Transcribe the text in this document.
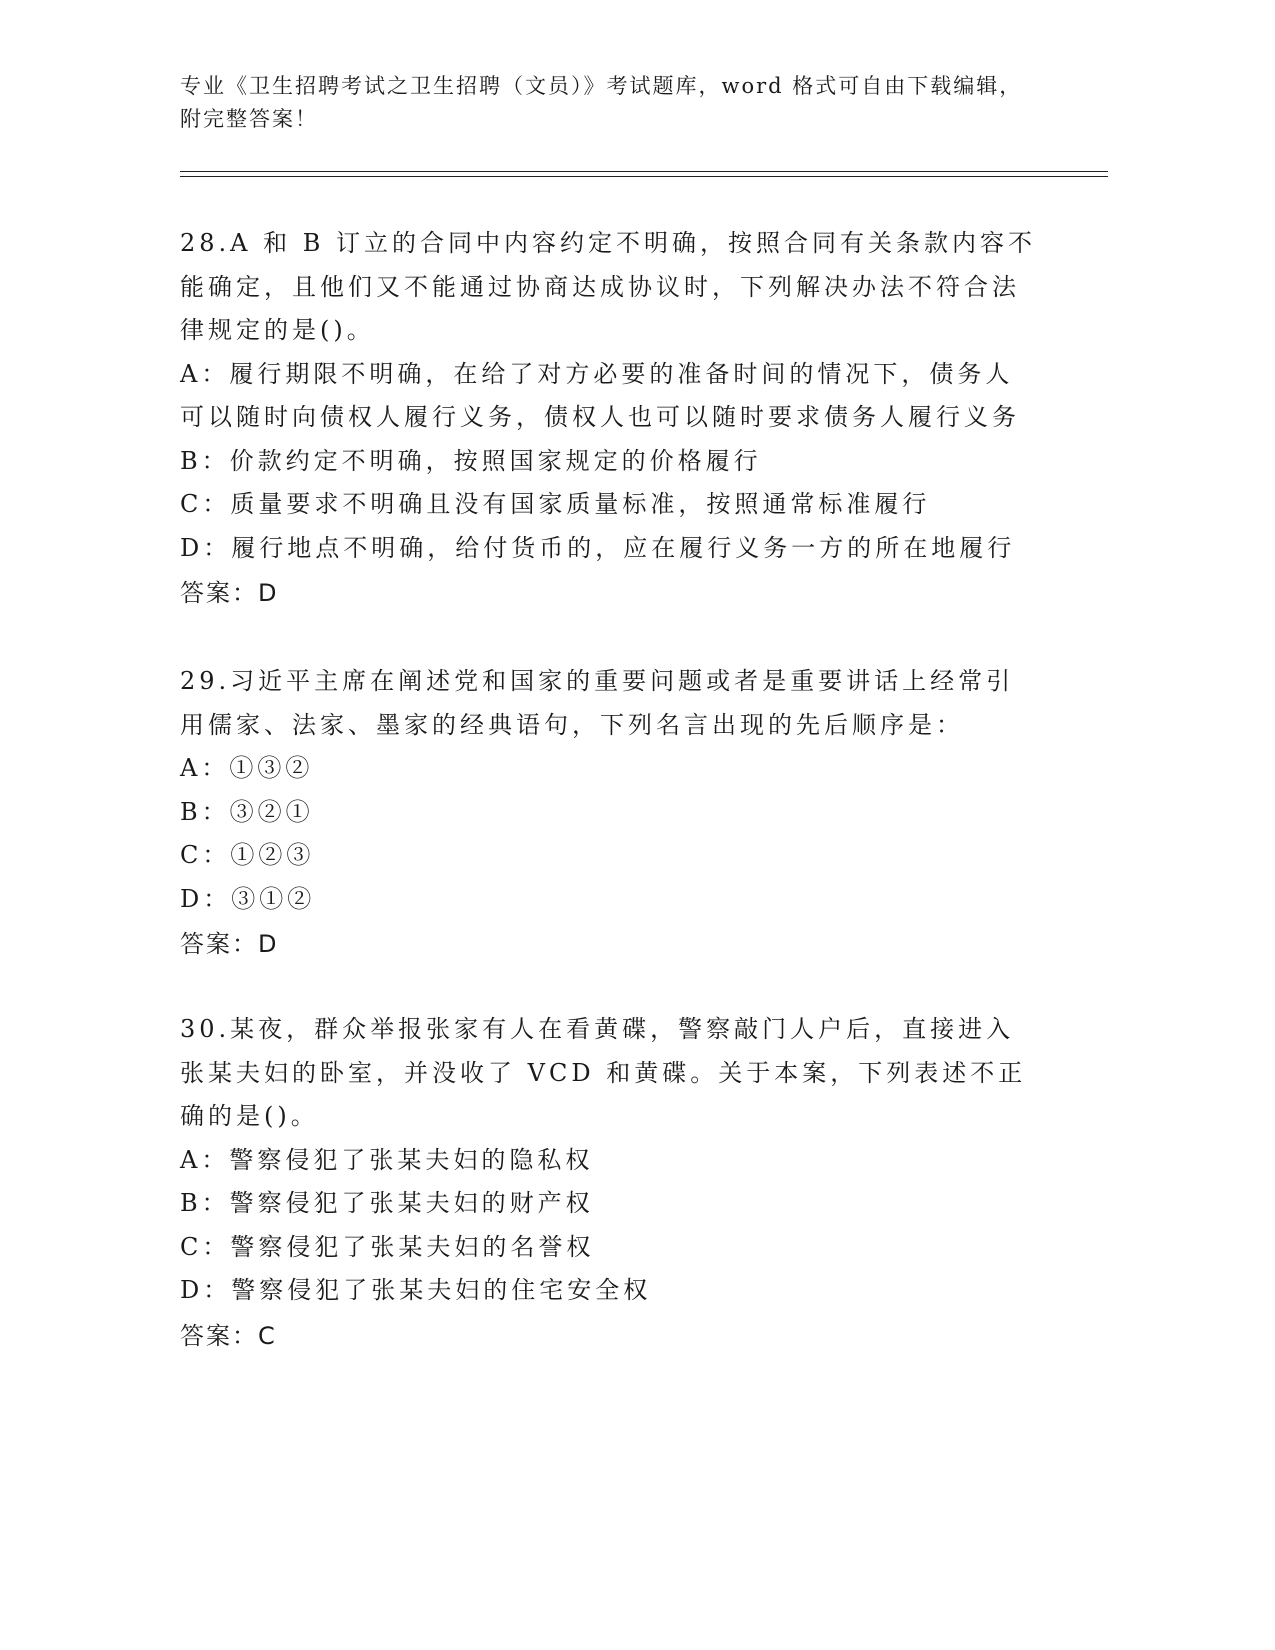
专业《卫生招聘考试之卫生招聘（文员）》考试题库，word 格式可自由下载编辑，附完整答案！

28.A 和 B 订立的合同中内容约定不明确，按照合同有关条款内容不能确定，且他们又不能通过协商达成协议时，下列解决办法不符合法律规定的是()。

A：履行期限不明确，在给了对方必要的准备时间的情况下，债务人可以随时向债权人履行义务，债权人也可以随时要求债务人履行义务

B：价款约定不明确，按照国家规定的价格履行

C：质量要求不明确且没有国家质量标准，按照通常标准履行

D：履行地点不明确，给付货币的，应在履行义务一方的所在地履行

答案：D

29.习近平主席在阐述党和国家的重要问题或者是重要讲话上经常引用儒家、法家、墨家的经典语句，下列名言出现的先后顺序是：

A：①③②

B：③②①

C：①②③

D：③①②

答案：D

30.某夜，群众举报张家有人在看黄碟，警察敲门人户后，直接进入张某夫妇的卧室，并没收了 VCD 和黄碟。关于本案，下列表述不正确的是()。

A：警察侵犯了张某夫妇的隐私权

B：警察侵犯了张某夫妇的财产权

C：警察侵犯了张某夫妇的名誉权

D：警察侵犯了张某夫妇的住宅安全权

答案：C
